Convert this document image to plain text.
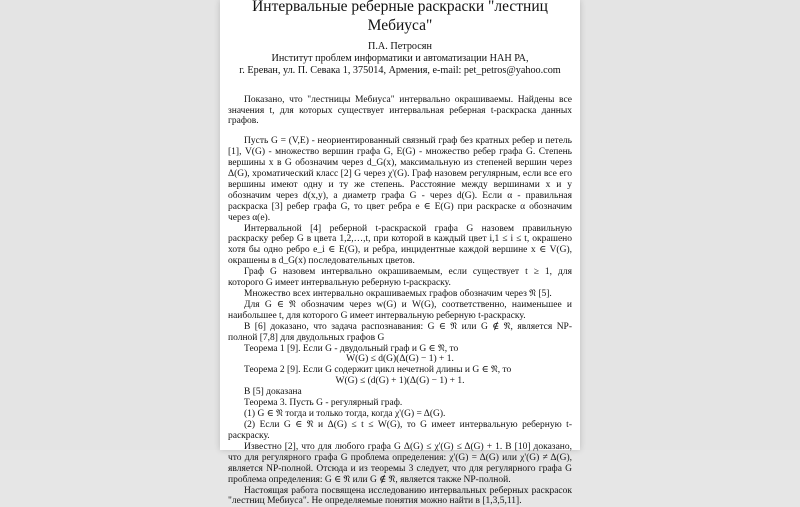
Интервальные реберные раскраски "лестниц Мебиуса"
П.А. Петросян
Институт проблем информатики и автоматизации НАН РА,
г. Ереван, ул. П. Севака 1, 375014, Армения, e-mail: pet_petros@yahoo.com

Показано, что "лестницы Мебиуса" интервально окрашиваемы. Найдены все значения t, для которых существует интервальная реберная t-раскраска данных графов.

Пусть G = (V,E) - неориентированный связный граф без кратных ребер и петель [1], V(G) - множество вершин графа G, E(G) - множество ребер графа G. Степень вершины x в G обозначим через d_G(x), максимальную из степеней вершин через Δ(G), хроматический класс [2] G через χ'(G). Граф назовем регулярным, если все его вершины имеют одну и ту же степень. Расстояние между вершинами x и y обозначим через d(x,y), а диаметр графа G - через d(G). Если α - правильная раскраска [3] ребер графа G, то цвет ребра e ∈ E(G) при раскраске α обозначим через α(e).

Интервальной [4] реберной t-раскраской графа G назовем правильную раскраску ребер G в цвета 1,2,…,t, при которой в каждый цвет i,1 ≤ i ≤ t, окрашено хотя бы одно ребро e_i ∈ E(G), и ребра, инцидентные каждой вершине x ∈ V(G), окрашены в d_G(x) последовательных цветов.

Граф G назовем интервально окрашиваемым, если существует t ≥ 1, для которого G имеет интервальную реберную t-раскраску.

Множество всех интервально окрашиваемых графов обозначим через 𝔑 [5].

Для G ∈ 𝔑 обозначим через w(G) и W(G), соответственно, наименьшее и наибольшее t, для которого G имеет интервальную реберную t-раскраску.

В [6] доказано, что задача распознавания: G ∈ 𝔑 или G ∉ 𝔑, является NP-полной [7,8] для двудольных графов G

Теорема 1 [9]. Если G - двудольный граф и G ∈ 𝔑, то

W(G) ≤ d(G)(Δ(G) − 1) + 1.

Теорема 2 [9]. Если G содержит цикл нечетной длины и G ∈ 𝔑, то

W(G) ≤ (d(G) + 1)(Δ(G) − 1) + 1.

В [5] доказана

Теорема 3. Пусть G - регулярный граф.

(1) G ∈ 𝔑 тогда и только тогда, когда χ'(G) = Δ(G).

(2) Если G ∈ 𝔑 и Δ(G) ≤ t ≤ W(G), то G имеет интервальную реберную t-раскраску.

Известно [2], что для любого графа G Δ(G) ≤ χ'(G) ≤ Δ(G) + 1. В [10] доказано, что для регулярного графа G проблема определения: χ'(G) = Δ(G) или χ'(G) ≠ Δ(G), является NP-полной. Отсюда и из теоремы 3 следует, что для регулярного графа G проблема определения: G ∈ 𝔑 или G ∉ 𝔑, является также NP-полной.

Настоящая работа посвящена исследованию интервальных реберных раскрасок "лестниц Мебиуса". Не определяемые понятия можно найти в [1,3,5,11].
